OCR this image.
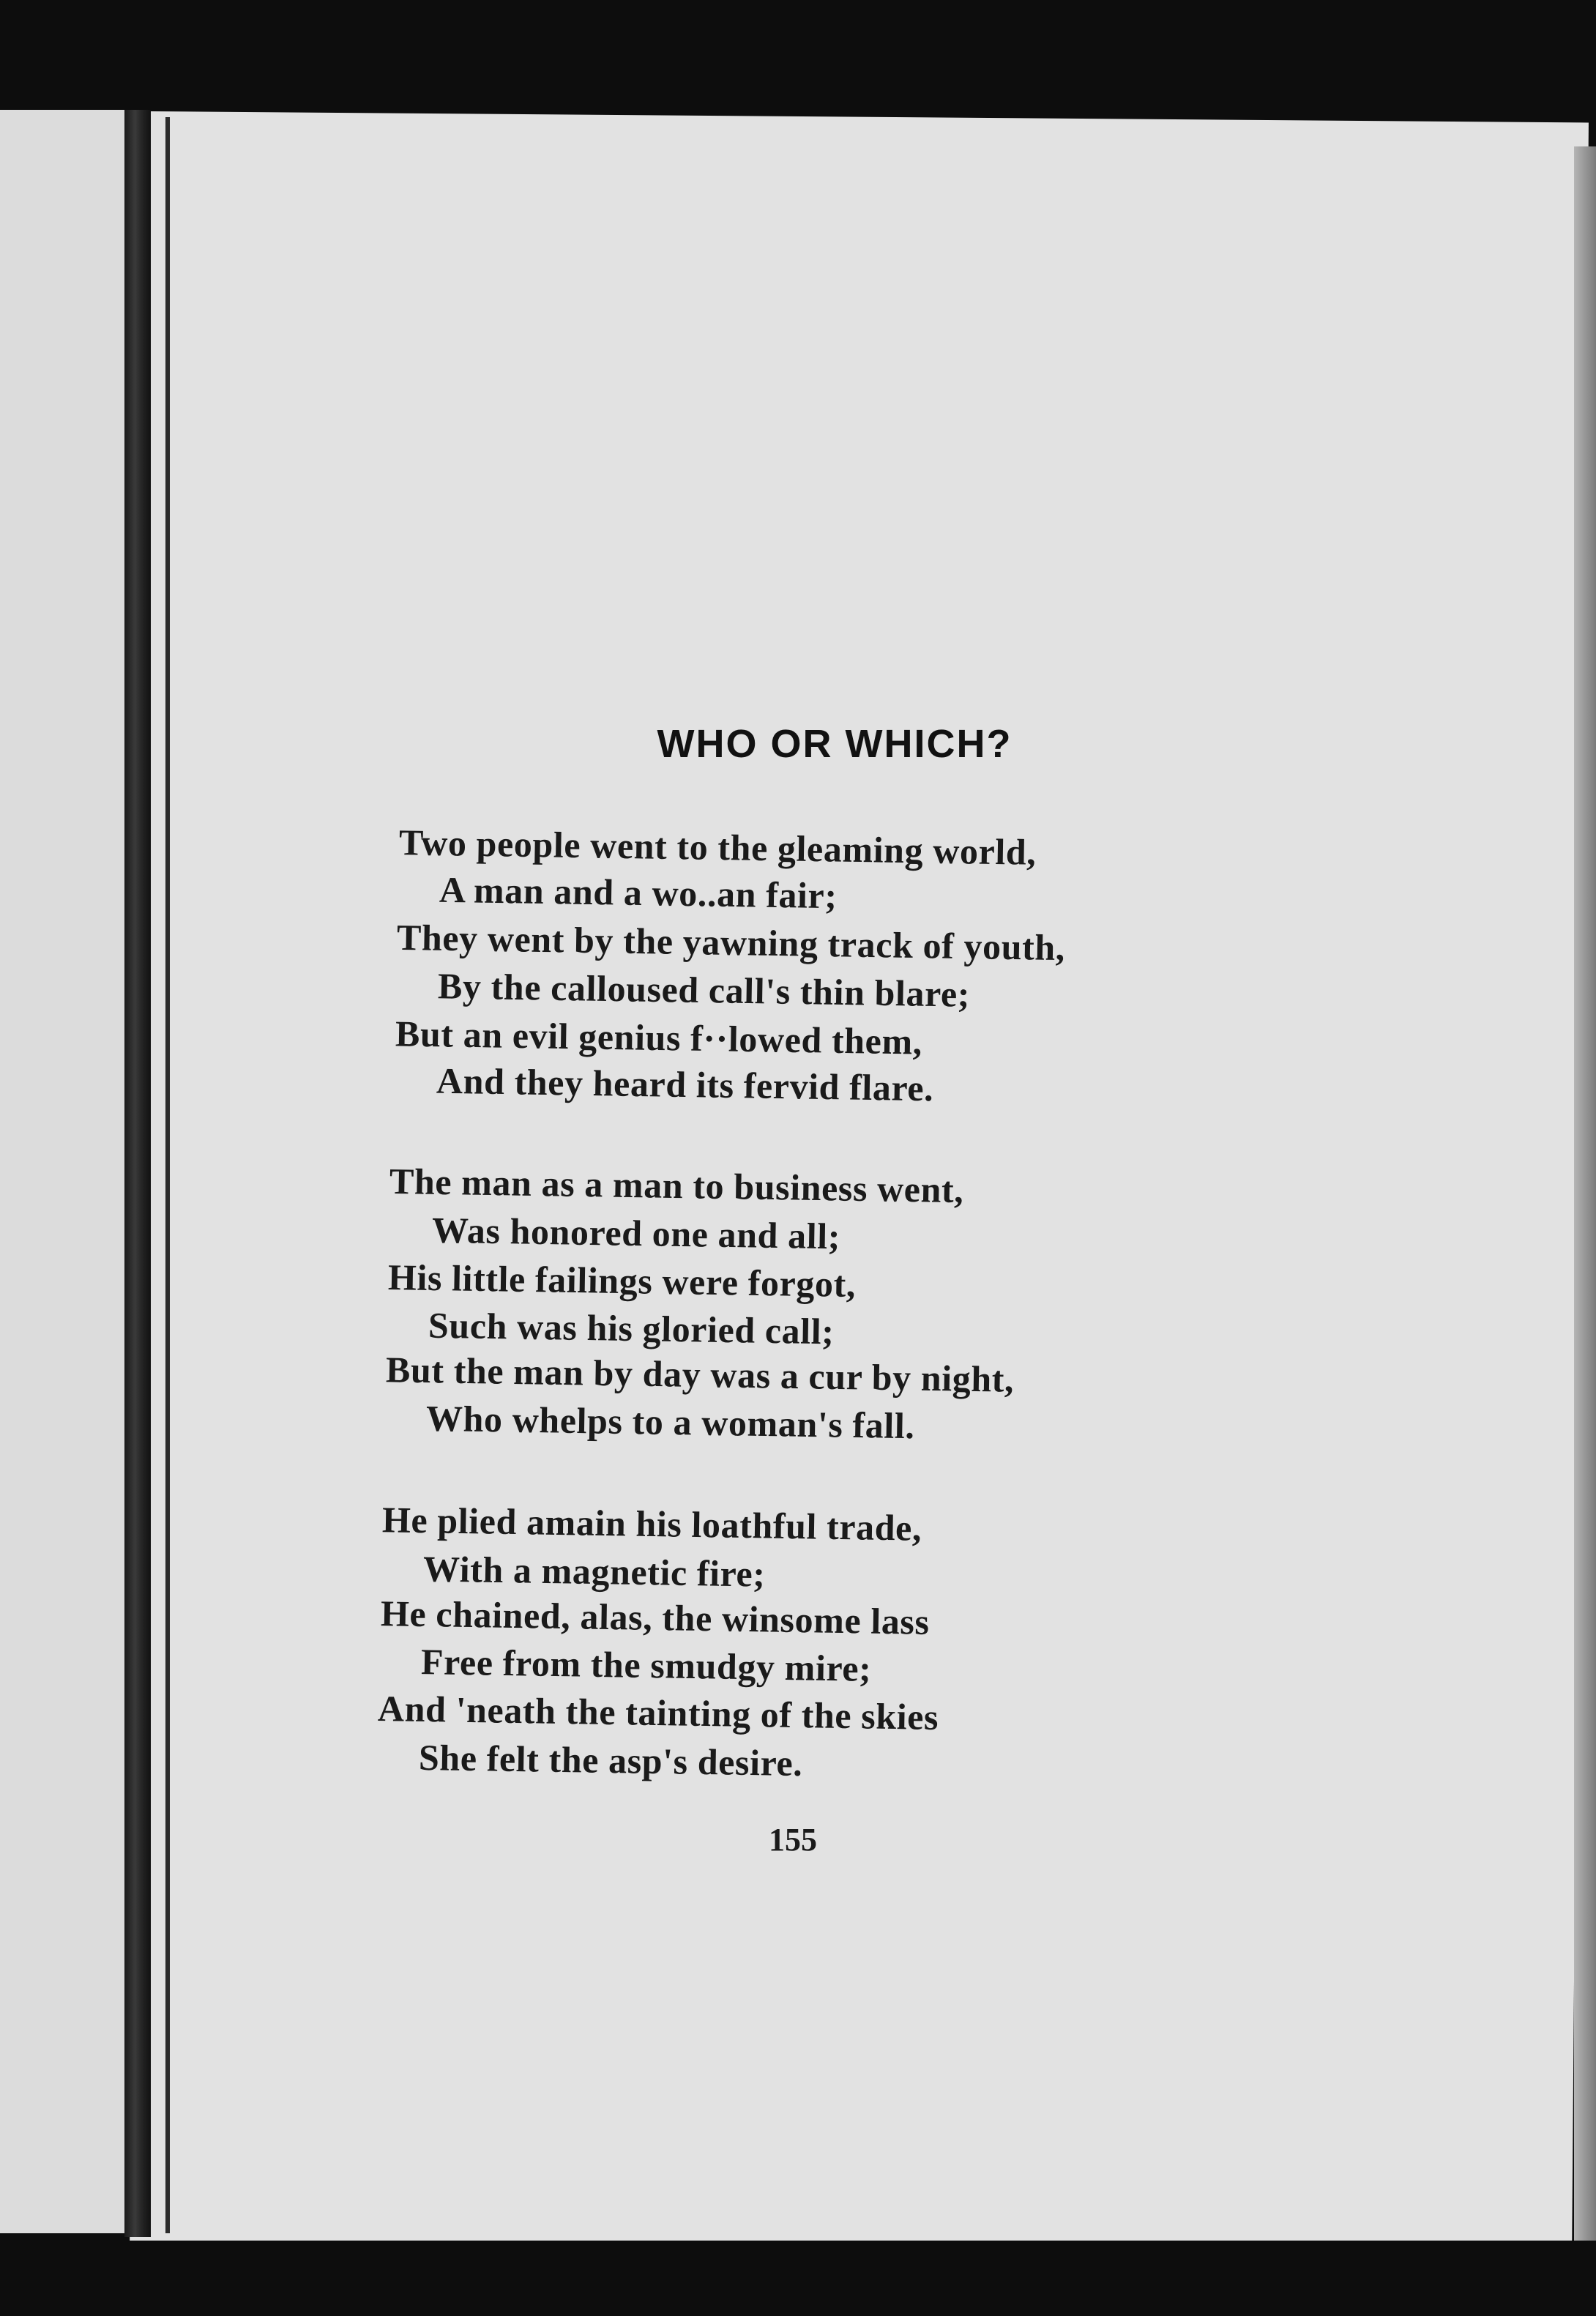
WHO OR WHICH?
Two people went to the gleaming world,
A man and a wo..an fair;
They went by the yawning track of youth,
By the calloused call's thin blare;
But an evil genius f··lowed them,
And they heard its fervid flare.
The man as a man to business went,
Was honored one and all;
His little failings were forgot,
Such was his gloried call;
But the man by day was a cur by night,
Who whelps to a woman's fall.
He plied amain his loathful trade,
With a magnetic fire;
He chained, alas, the winsome lass
Free from the smudgy mire;
And 'neath the tainting of the skies
She felt the asp's desire.
155
